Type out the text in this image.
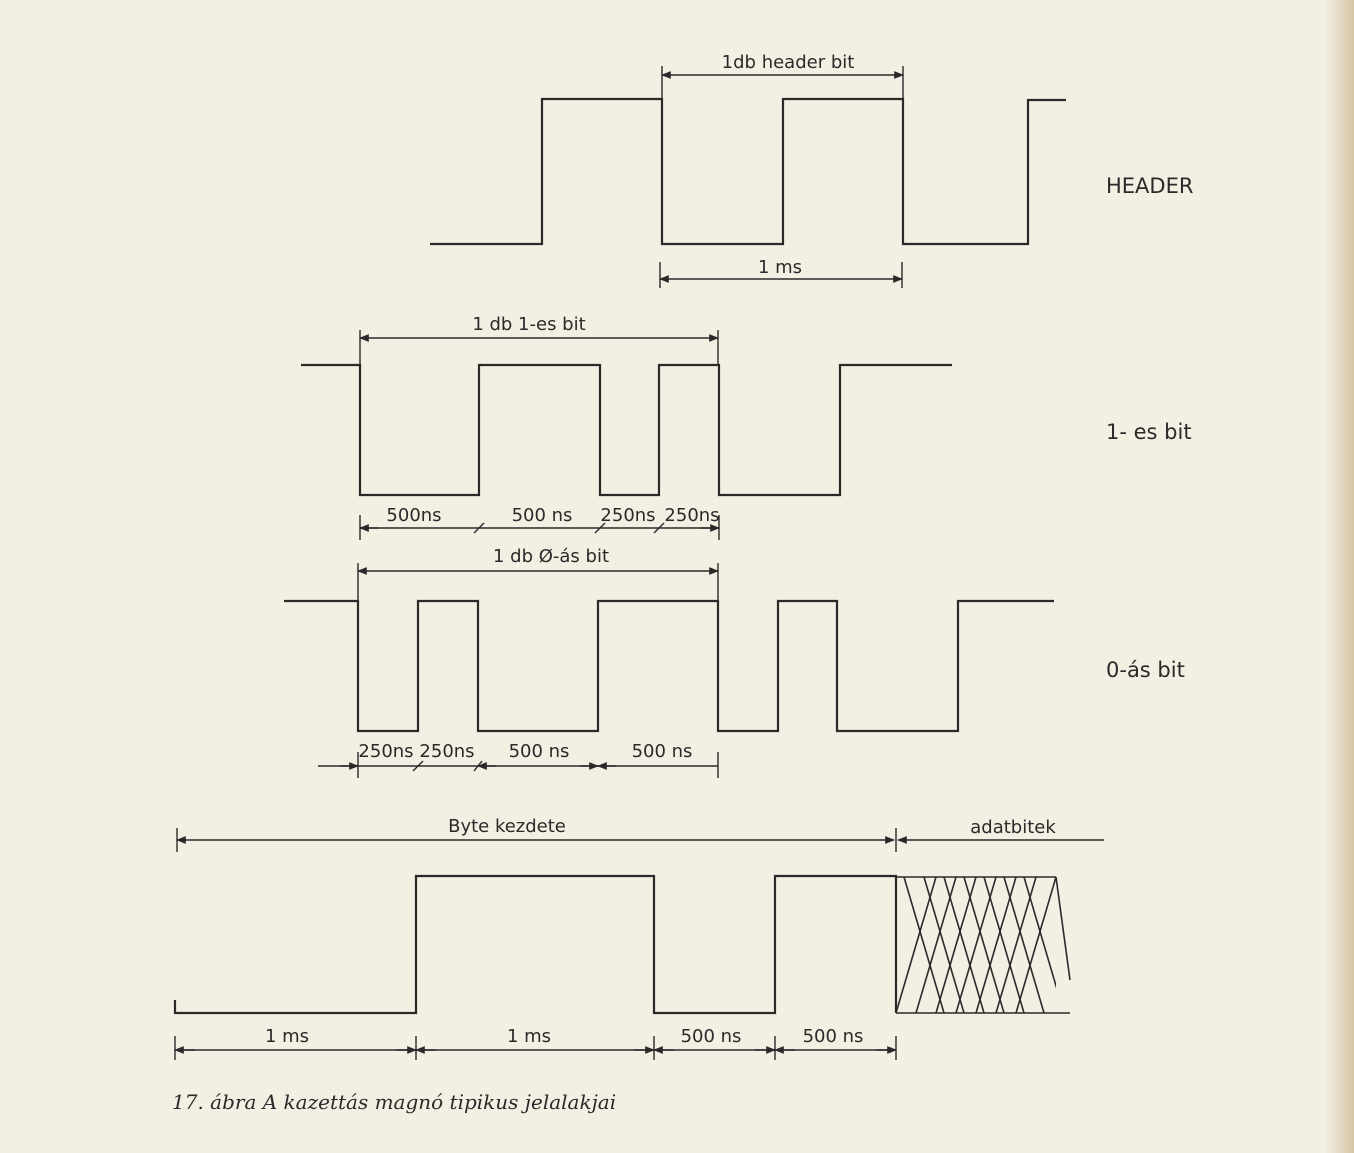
1db header bit
1 ms
HEADER
1 db 1-es bit
1- es bit
500ns	500 ns 250ns 250ns
1 db Ø-ás bit
0-ás bit
250ns 250ns 500 ns	500 ns
Byte kezdete	adatbitek
1 ms	1 ms	500 ns	500 ns
17. ábra A kazettás magnó tipikus jelalakjai
